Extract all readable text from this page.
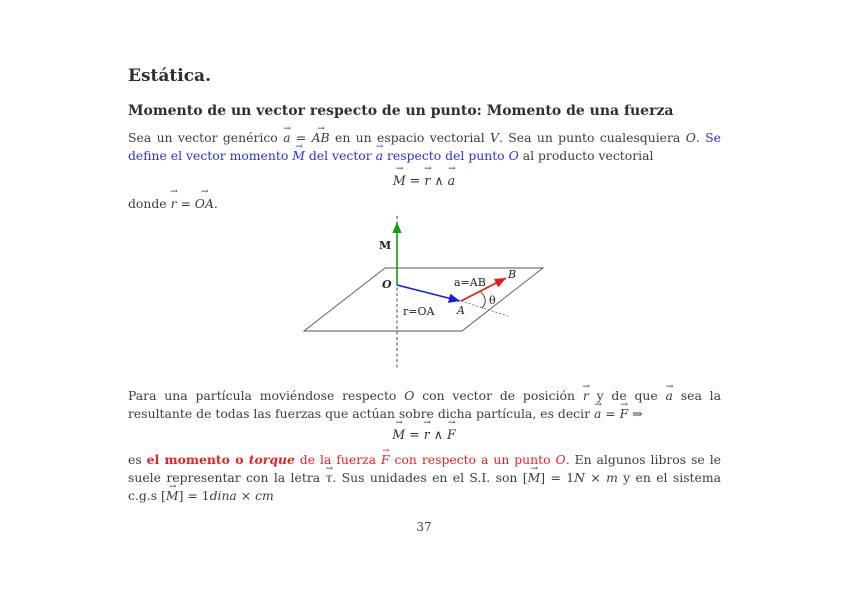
Estática.
Momento de un vector respecto de un punto: Momento de una fuerza
Sea un vector genérico → a = → AB en un espacio vectorial V. Sea un punto cualesquiera O. Se define el vector momento → M del vector → a respecto del punto O al producto vectorial
→ M = → r ∧ → a
donde → r = → OA.
M
O	a=AB
B
θ
r=OA A
Para una partícula moviéndose respecto O con vector de posición → r y de que → a sea la resultante de todas las fuerzas que actúan sobre dicha partícula, es decir → a = → F ⇒
→ M = → r ∧ → F
es el momento o torque de la fuerza → F con respecto a un punto O. En algunos libros se le suele representar con la letra → τ. Sus unidades en el S.I. son [→ M] = 1N × m y en el sistema c.g.s [→ M] = 1dina × cm
37
